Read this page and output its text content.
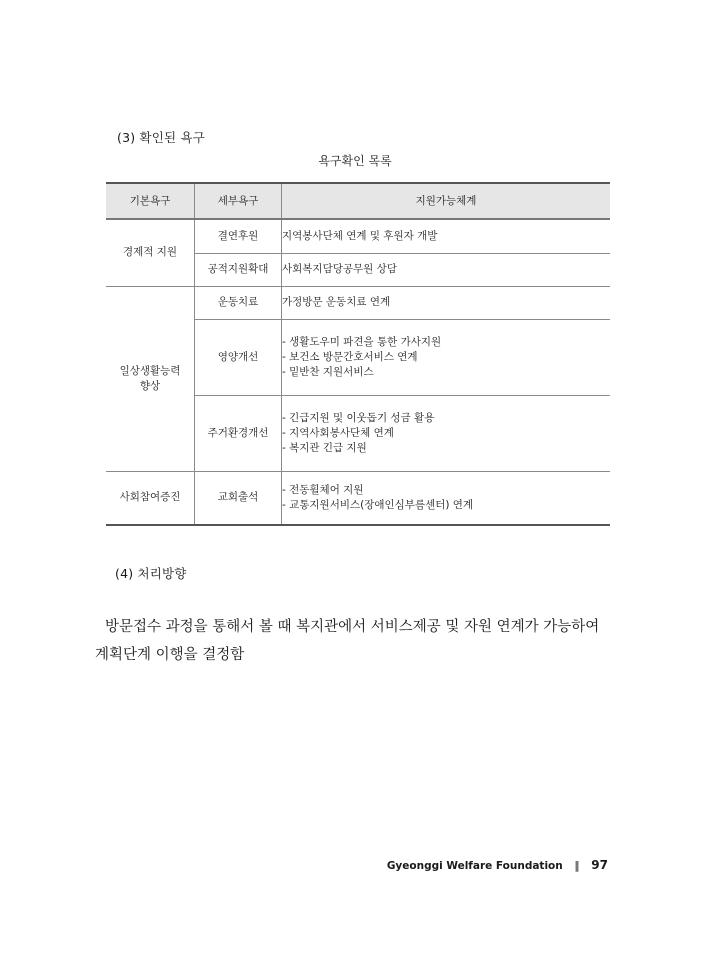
(3) 확인된 욕구
욕구확인 목록
기본욕구	세부욕구	지원가능체계
경제적 지원	결연후원	지역봉사단체 연계 및 후원자 개발

	공적지원확대	사회복지담당공무원 상담

일상생활능력
향상	운동치료	가정방문 운동치료 연계

	영양개선	- 생활도우미 파견을 통한 가사지원
- 보건소 방문간호서비스 연계
- 밑반찬 지원서비스

	주거환경개선	- 긴급지원 및 이웃돕기 성금 활용
- 지역사회봉사단체 연계
- 복지관 긴급 지원

사회참여증진	교회출석	- 전동휠체어 지원
- 교통지원서비스(장애인심부름센터) 연계
(4) 처리방향

방문접수 과정을 통해서 볼 때 복지관에서 서비스제공 및 자원 연계가 가능하여
계획단계 이행을 결정함

Gyeonggi Welfare Foundation ‖ 97
